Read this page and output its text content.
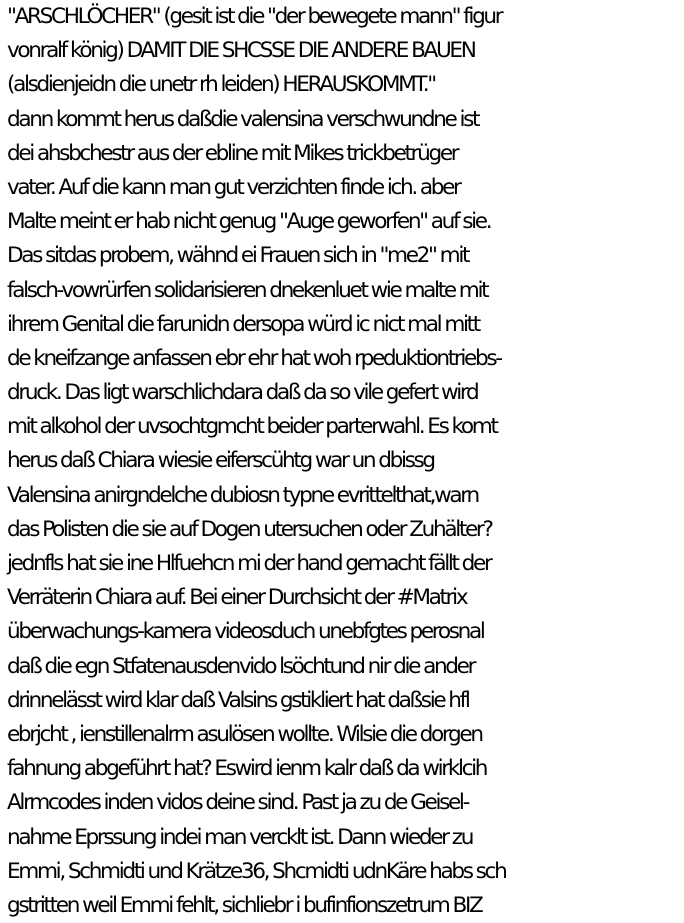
"ARSCHLÖCHER" (gesit ist die "der bewegete mann" figur
vonralf könig) DAMIT DIE SHCSSE DIE ANDERE BAUEN
(alsdienjeidn die unetr rh leiden) HERAUSKOMMT."
dann kommt herus daßdie valensina verschwundne ist
dei ahsbchestr aus der ebline mit Mikes trickbetrüger
vater. Auf die kann man gut verzichten finde ich. aber
Malte meint er hab nicht genug "Auge geworfen" auf sie.
Das sitdas probem, wähnd ei Frauen sich in "me2" mit
falsch-vowrürfen solidarisieren dnekenluet wie malte mit
ihrem Genital die farunidn dersopa würd ic nict mal mitt
de kneifzange anfassen ebr ehr hat woh rpeduktiontriebs-
druck. Das ligt warschlichdara daß da so vile gefert wird
mit alkohol der uvsochtgmcht beider parterwahl. Es komt
herus daß Chiara wiesie eiferscühtg war un dbissg
Valensina anirgndelche dubiosn typne evrittelthat,warn
das Polisten die sie auf Dogen utersuchen oder Zuhälter?
jednfls hat sie ine Hlfuehcn mi der hand gemacht fällt der
Verräterin Chiara auf. Bei einer Durchsicht der #Matrix
überwachungs-kamera videosduch unebfgtes perosnal
daß die egn Stfatenausdenvido lsöchtund nir die ander
drinnelässt wird klar daß Valsins gstikliert hat daßsie hfl
ebrjcht , ienstillenalrm asulösen wollte. Wilsie die dorgen
fahnung abgeführt hat? Eswird ienm kalr daß da wirklcih
Alrmcodes inden vidos deine sind. Past ja zu de Geisel-
nahme Eprssung indei man vercklt ist. Dann wieder zu
Emmi, Schmidti und Krätze36, Shcmidti udnKäre habs sch
gstritten weil Emmi fehlt, sichliebr i bufinfionszetrum BIZ
